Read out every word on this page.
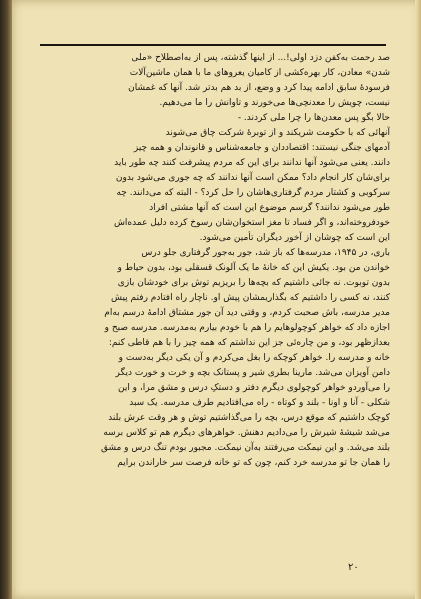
صد رحمت به‌کفن دزد اولی!... از اینها گذشته، پس از به‌اصطلاح «ملی
شدن» معادن، کار بهره‌کشی از کامیان یعروهای ما با همان ماشین‌آلات
فرسودهٔ سابق ادامه پیدا کرد و وضع، از بد هم بدتر شد. آنها که غمشان
نیست، چویش را معدنچی‌ها می‌خورند و تاوانش را ما می‌دهیم.
حالا بگو پس معدن‌ها را چرا ملی کردند. -
آنهائی که با حکومت شریکند و از توبرهٔ شرکت چاق می‌شوند
آدمهای جنگی نیستند: اقتصاددان و جامعه‌شناس و قانوندان و همه چیز
دانند. یعنی می‌شود آنها ندانند برای این که مردم پیشرفت کنند چه طور باید
برای‌شان کار انجام داد؟ ممکن است آنها ندانند که چه جوری می‌شود بدون
سرکوبی و کشتار مردم گرفتاری‌هاشان را حل کرد؟ - البته که می‌دانند. چه
طور می‌شود ندانند؟ گرسم موضوع این است که آنها مشتی افراد
خودفروخته‌اند، و اگر فساد تا مغز استخوان‌شان رسوخ کرده دلیل عمده‌اش
این است که چوشان از آخور دیگران تأمین می‌شود.
باری، در ۱۹۴۵، مدرسه‌ها که باز شد، جور به‌جور گرفتاری جلو درس
خواندن من بود. یکیش این که خانهٔ ما یک آلونک قسقلی بود، بدون حیاط و
بدون توبوت. نه جائی داشتیم که بچه‌ها را بریزیم توش برای خودشان بازی
کنند، نه کسی را داشتیم که بگذاریمشان پیش او. ناچار راه افتادم رفتم پیش
مدیر مدرسه، باش صحبت کردم، و وقتی دید آن جور مشتاق ادامهٔ درسم به‌ام
اجازه داد که خواهر کوچولوهایم را هم با خودم بیارم به‌مدرسه. مدرسه صبح و
بعدازظهر بود، و من چاره‌ئی جز این نداشتم که همه چیز را با هم قاطی کنم:
خانه و مدرسه را. خواهر کوچکه را بغل می‌کردم و آن یکی دیگر به‌دست و
دامن آویزان می‌شد. مارینا بطری شیر و پستانک بچه و خرت و خورت دیگر
را می‌آوردو خواهر کوچولوی دیگرم دفتر و دستکِ درس و مشق مرا، و این
شکلی - آنا و اونا - بلند و کوتاه - راه می‌افتادیم طرف مدرسه. یک سبد
کوچک داشتیم که موقع درس، بچه را می‌گذاشتیم توش و هر وقت عرش بلند
می‌شد شیشهٔ شیرش را می‌دادیم دهنش. خواهرهای دیگرم هم تو کلاس برسه
بلند می‌شد. و این نیمکت می‌رفتند به‌آن نیمکت. مجبور بودم تنگ درس و مشق
را همان جا تو مدرسه خرد کنم، چون که تو خانه فرصت سر خاراندن برایم
۲۰
